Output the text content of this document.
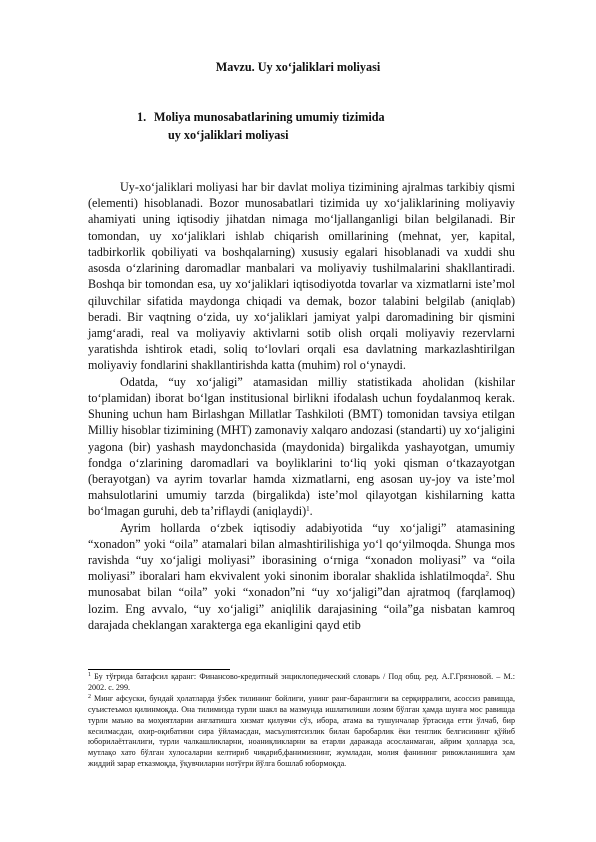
Mavzu. Uy xo‘jaliklari moliyasi
1. Moliya munosabatlarining umumiy tizimida
uy xo‘jaliklari moliyasi

Uy-xo‘jaliklari moliyasi har bir davlat moliya tizimining ajralmas tarkibiy qismi (elementi) hisoblanadi. Bozor munosabatlari tizimida uy xo‘jaliklarining moliyaviy ahamiyati uning iqtisodiy jihatdan nimaga mo‘ljallanganligi bilan belgilanadi. Bir tomondan, uy xo‘jaliklari ishlab chiqarish omillarining (mehnat, yer, kapital, tadbirkorlik qobiliyati va boshqalarning) xususiy egalari hisoblanadi va xuddi shu asosda o‘zlarining daromadlar manbalari va moliyaviy tushilmalarini shakllantiradi. Boshqa bir tomondan esa, uy xo‘jaliklari iqtisodiyotda tovarlar va xizmatlarni iste’mol qiluvchilar sifatida maydonga chiqadi va demak, bozor talabini belgilab (aniqlab) beradi. Bir vaqtning o‘zida, uy xo‘jaliklari jamiyat yalpi daromadining bir qismini jamg‘aradi, real va moliyaviy aktivlarni sotib olish orqali moliyaviy rezervlarni yaratishda ishtirok etadi, soliq to‘lovlari orqali esa davlatning markazlashtirilgan moliyaviy fondlarini shakllantirishda katta (muhim) rol o‘ynaydi.

Odatda, “uy xo‘jaligi” atamasidan milliy statistikada aholidan (kishilar to‘plamidan) iborat bo‘lgan institusional birlikni ifodalash uchun foydalanmoq kerak. Shuning uchun ham Birlashgan Millatlar Tashkiloti (BMT) tomonidan tavsiya etilgan Milliy hisoblar tizimining (MHT) zamonaviy xalqaro andozasi (standarti) uy xo‘jaligini yagona (bir) yashash maydonchasida (maydonida) birgalikda yashayotgan, umumiy fondga o‘zlarining daromadlari va boyliklarini to‘liq yoki qisman o‘tkazayotgan (berayotgan) va ayrim tovarlar hamda xizmatlarni, eng asosan uy-joy va iste’mol mahsulotlarini umumiy tarzda (birgalikda) iste’mol qilayotgan kishilarning katta bo‘lmagan guruhi, deb ta’riflaydi (aniqlaydi)$^1$.

Ayrim hollarda o‘zbek iqtisodiy adabiyotida “uy xo‘jaligi” atamasining “xonadon” yoki “oila” atamalari bilan almashtirilishiga yo‘l qo‘yilmoqda. Shunga mos ravishda “uy xo‘jaligi moliyasi” iborasining o‘rniga “xonadon moliyasi” va “oila moliyasi” iboralari ham ekvivalent yoki sinonim iboralar shaklida ishlatilmoqda$^2$. Shu munosabat bilan “oila” yoki “xonadon”ni “uy xo‘jaligi”dan ajratmoq (farqlamoq) lozim. Eng avvalo, “uy xo‘jaligi” aniqlilik darajasining “oila”ga nisbatan kamroq darajada cheklangan xarakterga ega ekanligini qayd etib

$^1$ Бу тўғрида батафсил қаранг: Финансово-кредитный энциклопедический словарь / Под общ. ред. А.Г.Грязновой. – М.: 2002. с. 299.

$^2$ Минг афсуски, бундай ҳолатларда ўзбек тилининг бойлиги, унинг ранг-баранглиги ва серқирралиги, асоссиз равишда, суъистеъмол қилинмоқда. Она тилимизда турли шакл ва мазмунда ишлатилиши лозим бўлган ҳамда шунга мос равишда турли маъно ва моҳиятларни англатишга хизмат қилувчи сўз, ибора, атама ва тушунчалар ўртасида етти ўлчаб, бир кесилмасдан, охир-оқибатини сира ўйламасдан, масъулиятсизлик билан баробарлик ёки тенглик белгисининг қўйиб юборилаётганлиги, турли чалкашликларни, ноаниқликларни ва етарли даражада асосланмаган, айрим ҳолларда эса, мутлақо хато бўлган хулосаларни келтириб чиқариб,фанимизнинг, жумладан, молия фанининг ривожланишига ҳам жиддий зарар етказмоқда, ўқувчиларни нотўғри йўлга бошлаб юбормоқда.
